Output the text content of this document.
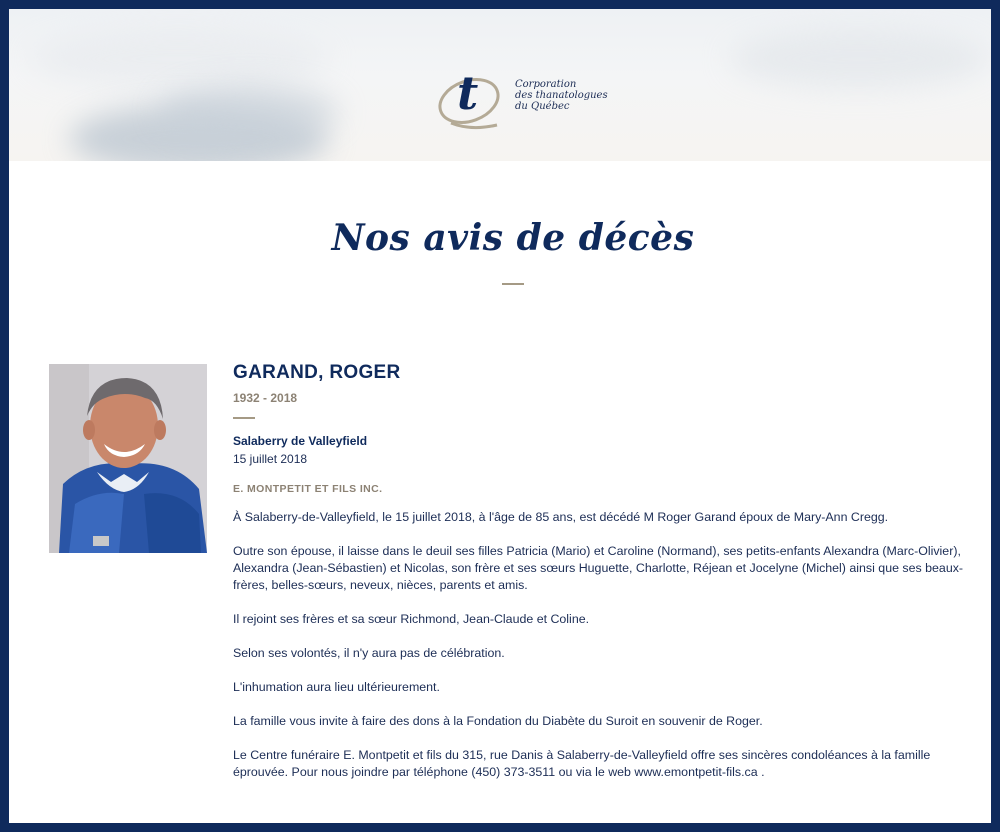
t	Corporation
des thanatologues
du Québec
Nos avis de décès
GARAND, ROGER
1932 - 2018
Salaberry de Valleyfield
15 juillet 2018
E. MONTPETIT ET FILS INC.

À Salaberry-de-Valleyfield, le 15 juillet 2018, à l'âge de 85 ans, est décédé M Roger Garand époux de Mary-Ann Cregg.

Outre son épouse, il laisse dans le deuil ses filles Patricia (Mario) et Caroline (Normand), ses petits-enfants Alexandra (Marc-Olivier), Alexandra (Jean-Sébastien) et Nicolas, son frère et ses sœurs Huguette, Charlotte, Réjean et Jocelyne (Michel) ainsi que ses beaux-frères, belles-sœurs, neveux, nièces, parents et amis.

Il rejoint ses frères et sa sœur Richmond, Jean-Claude et Coline.

Selon ses volontés, il n'y aura pas de célébration.

L'inhumation aura lieu ultérieurement.

La famille vous invite à faire des dons à la Fondation du Diabète du Suroit en souvenir de Roger.

Le Centre funéraire E. Montpetit et fils du 315, rue Danis à Salaberry-de-Valleyfield offre ses sincères condoléances à la famille éprouvée. Pour nous joindre par téléphone (450) 373-3511 ou via le web www.emontpetit-fils.ca .
